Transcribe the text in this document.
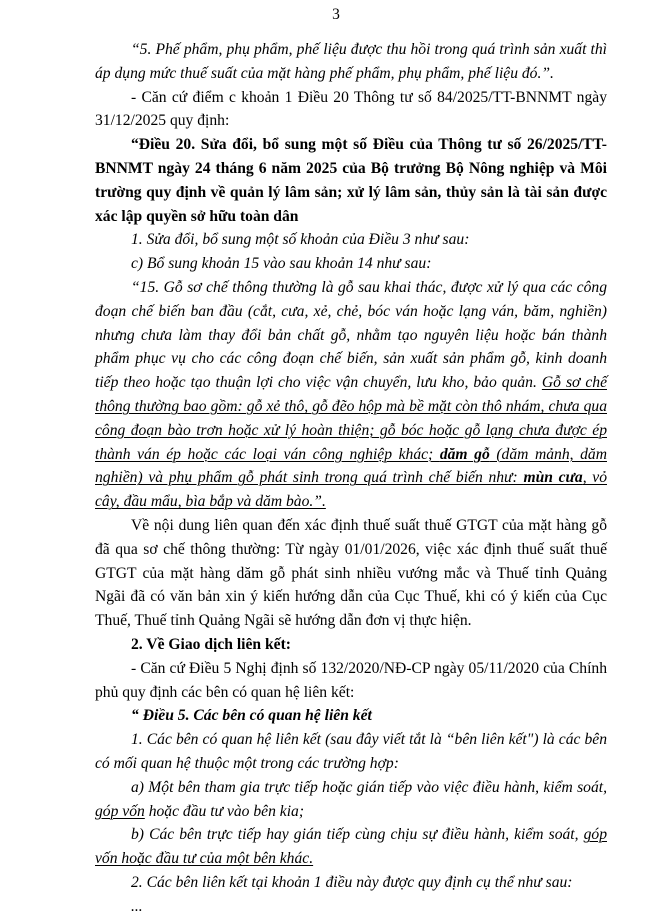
3

“5. Phế phẩm, phụ phẩm, phế liệu được thu hồi trong quá trình sản xuất thì áp dụng mức thuế suất của mặt hàng phế phẩm, phụ phẩm, phế liệu đó.”.

- Căn cứ điểm c khoản 1 Điều 20 Thông tư số 84/2025/TT-BNNMT ngày 31/12/2025 quy định:

“Điều 20. Sửa đổi, bổ sung một số Điều của Thông tư số 26/2025/TT-BNNMT ngày 24 tháng 6 năm 2025 của Bộ trưởng Bộ Nông nghiệp và Môi trường quy định về quản lý lâm sản; xử lý lâm sản, thủy sản là tài sản được xác lập quyền sở hữu toàn dân

1. Sửa đổi, bổ sung một số khoản của Điều 3 như sau:

c) Bổ sung khoản 15 vào sau khoản 14 như sau:

“15. Gỗ sơ chế thông thường là gỗ sau khai thác, được xử lý qua các công đoạn chế biến ban đầu (cắt, cưa, xẻ, chẻ, bóc ván hoặc lạng ván, băm, nghiền) nhưng chưa làm thay đổi bản chất gỗ, nhằm tạo nguyên liệu hoặc bán thành phẩm phục vụ cho các công đoạn chế biến, sản xuất sản phẩm gỗ, kinh doanh tiếp theo hoặc tạo thuận lợi cho việc vận chuyển, lưu kho, bảo quản. Gỗ sơ chế thông thường bao gồm: gỗ xẻ thô, gỗ đẽo hộp mà bề mặt còn thô nhám, chưa qua công đoạn bào trơn hoặc xử lý hoàn thiện; gỗ bóc hoặc gỗ lạng chưa được ép thành ván ép hoặc các loại ván công nghiệp khác; dăm gỗ (dăm mảnh, dăm nghiền) và phụ phẩm gỗ phát sinh trong quá trình chế biến như: mùn cưa, vỏ cây, đầu mẩu, bìa bắp và dăm bào.”.

Về nội dung liên quan đến xác định thuế suất thuế GTGT của mặt hàng gỗ đã qua sơ chế thông thường: Từ ngày 01/01/2026, việc xác định thuế suất thuế GTGT của mặt hàng dăm gỗ phát sinh nhiều vướng mắc và Thuế tỉnh Quảng Ngãi đã có văn bản xin ý kiến hướng dẫn của Cục Thuế, khi có ý kiến của Cục Thuế, Thuế tỉnh Quảng Ngãi sẽ hướng dẫn đơn vị thực hiện.

2. Về Giao dịch liên kết:

- Căn cứ Điều 5 Nghị định số 132/2020/NĐ-CP ngày 05/11/2020 của Chính phủ quy định các bên có quan hệ liên kết:

“ Điều 5. Các bên có quan hệ liên kết

1. Các bên có quan hệ liên kết (sau đây viết tắt là “bên liên kết") là các bên có mối quan hệ thuộc một trong các trường hợp:

a) Một bên tham gia trực tiếp hoặc gián tiếp vào việc điều hành, kiểm soát, góp vốn hoặc đầu tư vào bên kia;

b) Các bên trực tiếp hay gián tiếp cùng chịu sự điều hành, kiểm soát, góp vốn hoặc đầu tư của một bên khác.

2. Các bên liên kết tại khoản 1 điều này được quy định cụ thể như sau:

...
